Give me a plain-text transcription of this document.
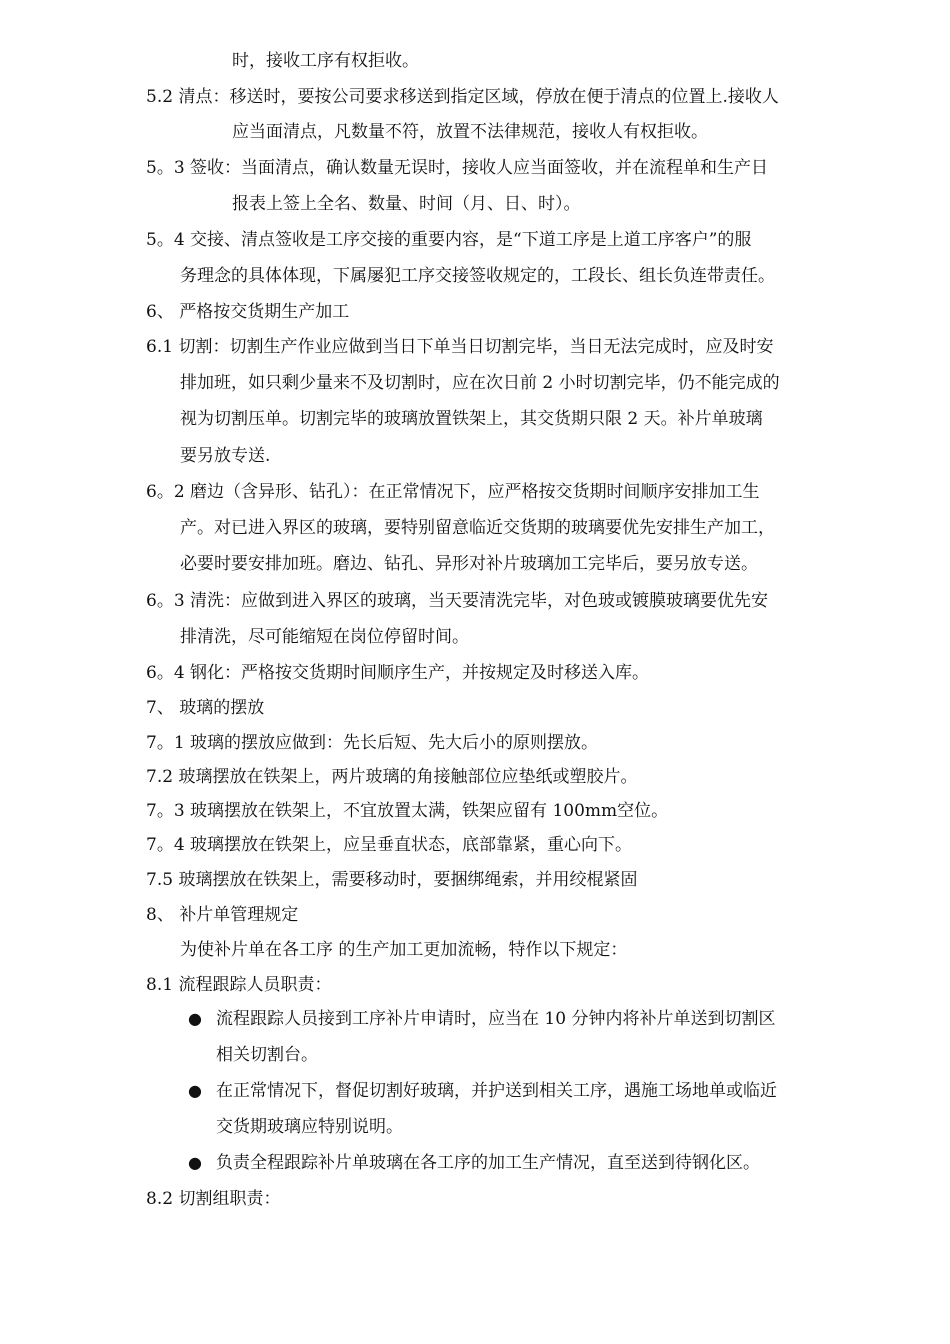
时，接收工序有权拒收。
5.2 清点：移送时，要按公司要求移送到指定区域，停放在便于清点的位置上.接收人
应当面清点，凡数量不符，放置不法律规范，接收人有权拒收。
5。3 签收：当面清点，确认数量无误时，接收人应当面签收，并在流程单和生产日
报表上签上全名、数量、时间（月、日、时）。
5。4 交接、清点签收是工序交接的重要内容，是“下道工序是上道工序客户”的服
务理念的具体体现，下属屡犯工序交接签收规定的，工段长、组长负连带责任。
6、 严格按交货期生产加工
6.1 切割：切割生产作业应做到当日下单当日切割完毕，当日无法完成时，应及时安
排加班，如只剩少量来不及切割时，应在次日前 2 小时切割完毕，仍不能完成的
视为切割压单。切割完毕的玻璃放置铁架上，其交货期只限 2 天。补片单玻璃
要另放专送.
6。2 磨边（含异形、钻孔）：在正常情况下，应严格按交货期时间顺序安排加工生
产。对已进入界区的玻璃，要特别留意临近交货期的玻璃要优先安排生产加工，
必要时要安排加班。磨边、钻孔、异形对补片玻璃加工完毕后，要另放专送。
6。3 清洗：应做到进入界区的玻璃，当天要清洗完毕，对色玻或镀膜玻璃要优先安
排清洗，尽可能缩短在岗位停留时间。
6。4 钢化：严格按交货期时间顺序生产，并按规定及时移送入库。
7、 玻璃的摆放
7。1 玻璃的摆放应做到：先长后短、先大后小的原则摆放。
7.2 玻璃摆放在铁架上，两片玻璃的角接触部位应垫纸或塑胶片。
7。3 玻璃摆放在铁架上，不宜放置太满，铁架应留有 100mm空位。
7。4 玻璃摆放在铁架上，应呈垂直状态，底部靠紧，重心向下。
7.5 玻璃摆放在铁架上，需要移动时，要捆绑绳索，并用绞棍紧固
8、 补片单管理规定
为使补片单在各工序 的生产加工更加流畅，特作以下规定：
8.1 流程跟踪人员职责：
● 流程跟踪人员接到工序补片申请时，应当在 10 分钟内将补片单送到切割区
相关切割台。
● 在正常情况下，督促切割好玻璃，并护送到相关工序，遇施工场地单或临近
交货期玻璃应特别说明。
● 负责全程跟踪补片单玻璃在各工序的加工生产情况，直至送到待钢化区。
8.2 切割组职责：
